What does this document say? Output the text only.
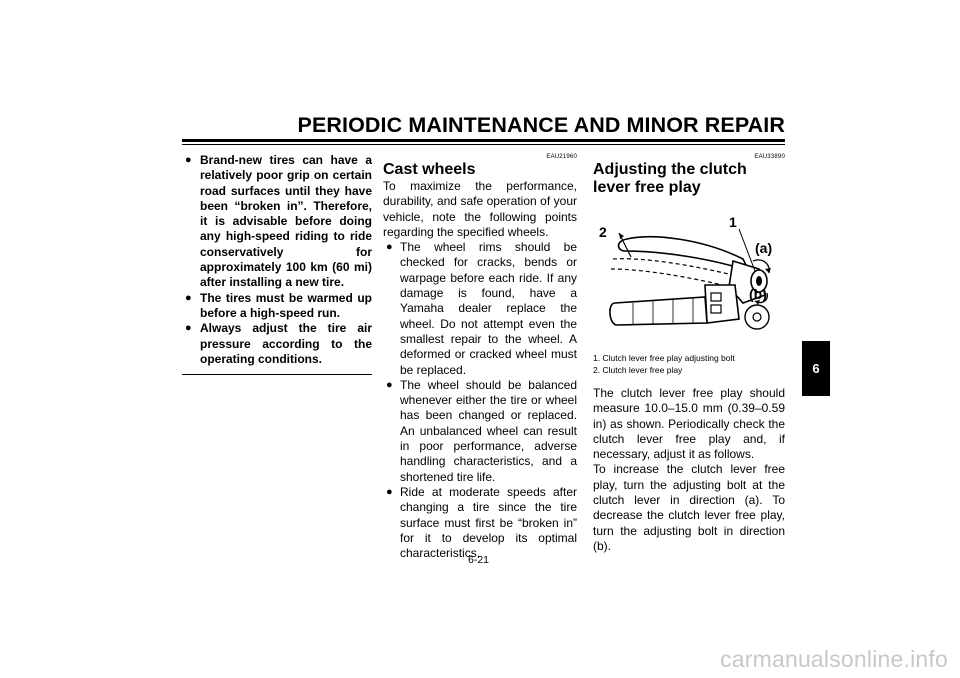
PERIODIC MAINTENANCE AND MINOR REPAIR
● Brand-new tires can have a relatively poor grip on certain road surfaces until they have been “broken in”. Therefore, it is advisable before doing any high-speed riding to ride conservatively for approximately 100 km (60 mi) after installing a new tire.
● The tires must be warmed up before a high-speed run.
● Always adjust the tire air pressure according to the operating conditions.
EAU21960
Cast wheels

To maximize the performance, durability, and safe operation of your vehicle, note the following points regarding the specified wheels.

● The wheel rims should be checked for cracks, bends or warpage before each ride. If any damage is found, have a Yamaha dealer replace the wheel. Do not attempt even the smallest repair to the wheel. A deformed or cracked wheel must be replaced.
● The wheel should be balanced whenever either the tire or wheel has been changed or replaced. An unbalanced wheel can result in poor performance, adverse handling characteristics, and a shortened tire life.
● Ride at moderate speeds after changing a tire since the tire surface must first be “broken in” for it to develop its optimal characteristics.
EAU33890
Adjusting the clutch lever free play
2
1
(a)
(b)
1. Clutch lever free play adjusting bolt
2. Clutch lever free play

The clutch lever free play should measure 10.0–15.0 mm (0.39–0.59 in) as shown. Periodically check the clutch lever free play and, if necessary, adjust it as follows.

To increase the clutch lever free play, turn the adjusting bolt at the clutch lever in direction (a). To decrease the clutch lever free play, turn the adjusting bolt in direction (b).

6-21
6
carmanualsonline.info
